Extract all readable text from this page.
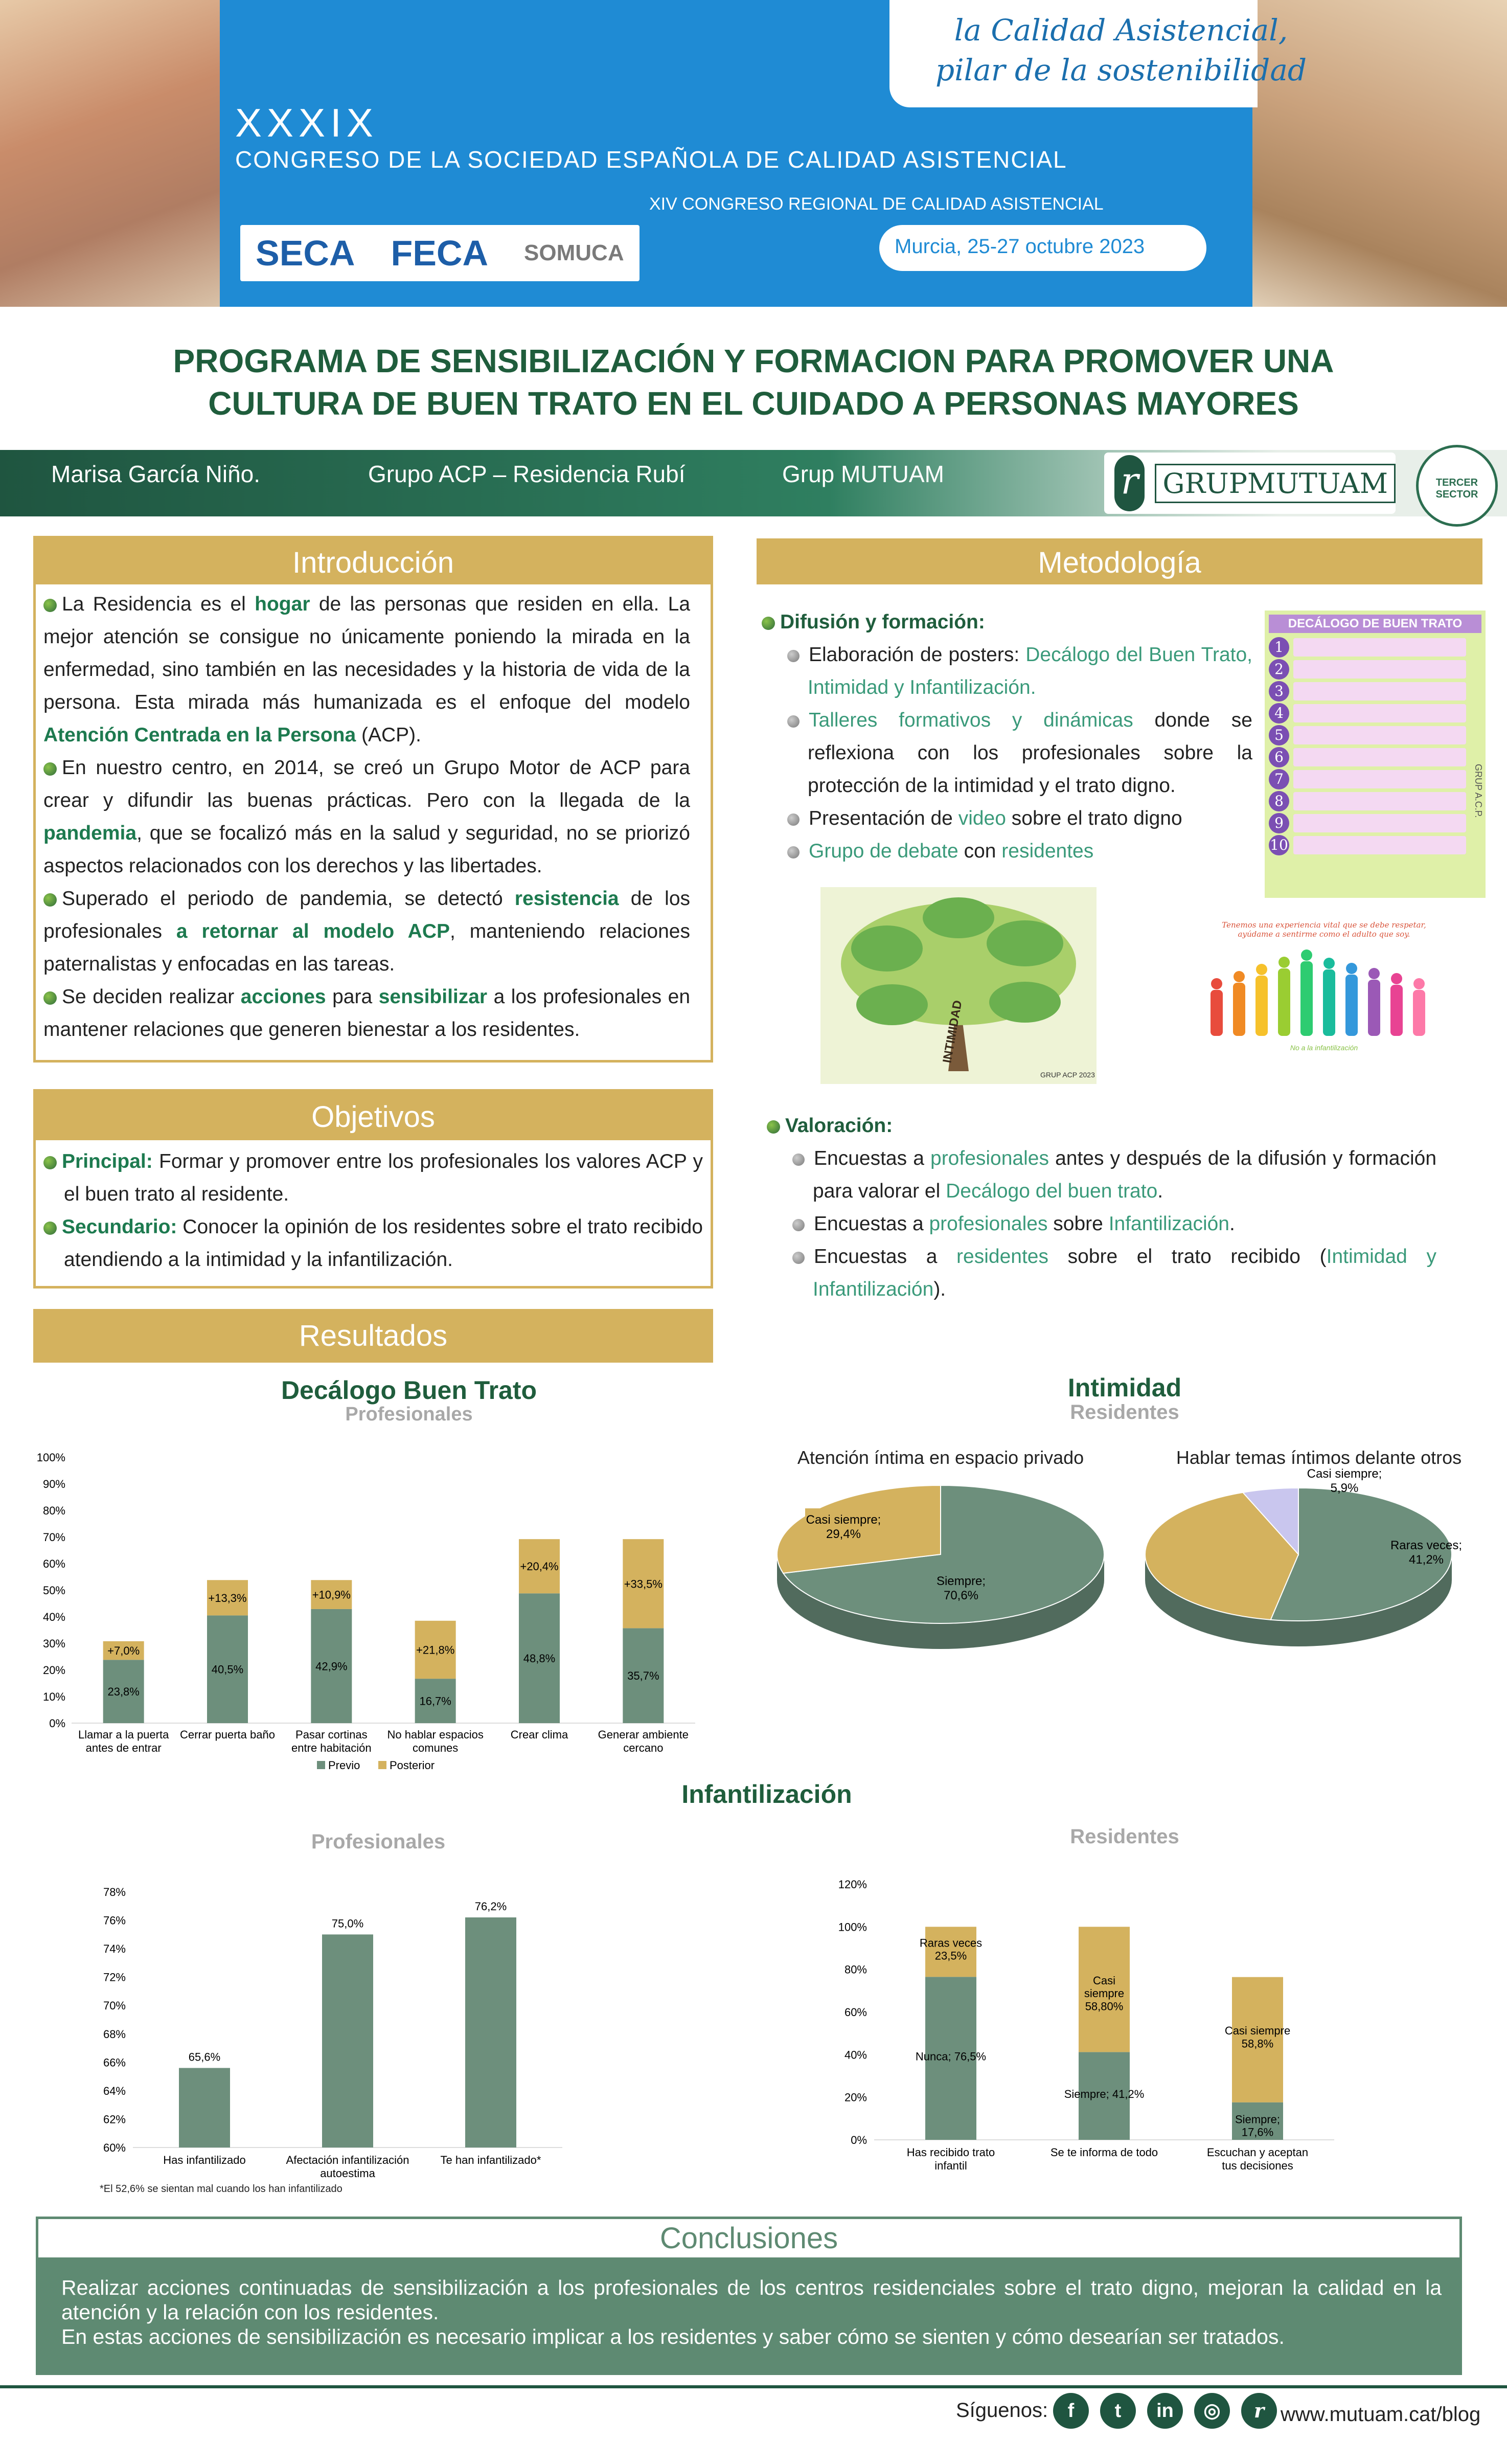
la Calidad Asistencial,
pilar de la sostenibilidad
XXXIX
CONGRESO DE LA SOCIEDAD ESPAÑOLA DE CALIDAD ASISTENCIAL
XIV CONGRESO REGIONAL DE CALIDAD ASISTENCIAL
Murcia, 25-27 octubre 2023
SECA FECA SOMUCA
PROGRAMA DE SENSIBILIZACIÓN Y FORMACION PARA PROMOVER UNA
CULTURA DE BUEN TRATO EN EL CUIDADO A PERSONAS MAYORES
Marisa García Niño.	Grupo ACP – Residencia Rubí	Grup MUTUAM	r GRUPMUTUAM	TERCER SECTOR
Introducción
La Residencia es el hogar de las personas que residen en ella. La mejor atención se consigue no únicamente poniendo la mirada en la enfermedad, sino también en las necesidades y la historia de vida de la persona. Esta mirada más humanizada es el enfoque del modelo Atención Centrada en la Persona (ACP).
En nuestro centro, en 2014, se creó un Grupo Motor de ACP para crear y difundir las buenas prácticas. Pero con la llegada de la pandemia, que se focalizó más en la salud y seguridad, no se priorizó aspectos relacionados con los derechos y las libertades.
Superado el periodo de pandemia, se detectó resistencia de los profesionales a retornar al modelo ACP, manteniendo relaciones paternalistas y enfocadas en las tareas.
Se deciden realizar acciones para sensibilizar a los profesionales en mantener relaciones que generen bienestar a los residentes.
Objetivos
Principal: Formar y promover entre los profesionales los valores ACP y el buen trato al residente.
Secundario: Conocer la opinión de los residentes sobre el trato recibido atendiendo a la intimidad y la infantilización.
Metodología
Difusión y formación:
Elaboración de posters: Decálogo del Buen Trato, Intimidad y Infantilización.
Talleres formativos y dinámicas donde se reflexiona con los profesionales sobre la protección de la intimidad y el trato digno.
Presentación de video sobre el trato digno
Grupo de debate con residentes
DECÁLOGO DE BUEN TRATO
1
2
3
4
5
6
7
8
9
10
GRUP A.C.P.
INTIMIDAD
GRUP ACP 2023
Tenemos una experiencia vital que se debe respetar, ayúdame a sentirme como el adulto que soy.
No a la infantilización
Valoración:
Encuestas a profesionales antes y después de la difusión y formación para valorar el Decálogo del buen trato.
Encuestas a profesionales sobre Infantilización.
Encuestas a residentes sobre el trato recibido (Intimidad y Infantilización).
Resultados
Decálogo Buen Trato
Profesionales
0%
10%
20%
30%
40%
50%
60%
70%
80%
90%
100%
23,8%
+7,0%
Llamar a la puerta
antes de entrar
40,5%
+13,3%
Cerrar puerta baño
42,9%
+10,9%
Pasar cortinas
entre habitación
16,7%
+21,8%
No hablar espacios
comunes
48,8%
+20,4%
Crear clima
35,7%
+33,5%
Generar ambiente
cercano
Previo	Posterior
Intimidad
Residentes
Atención íntima en espacio privado	Hablar temas íntimos delante otros
Siempre;
70,6%
Casi siempre;
29,4%
Raras veces;
41,2%
Casi siempre;
5,9%
Infantilización
Profesionales	Residentes
60%
62%
64%
66%
68%
70%
72%
74%
76%
78%
65,6%
Has infantilizado
75,0%
Afectación infantilización
autoestima
76,2%
Te han infantilizado*
*El 52,6% se sientan mal cuando los han infantilizado
0%
20%
40%
60%
80%
100%
120%
Nunca; 76,5%
Raras veces
23,5%
Has recibido trato
infantil
Siempre; 41,2%
Casi
siempre
58,80%
Se te informa de todo
Siempre;
17,6%
Casi siempre
58,8%
Escuchan y aceptan
tus decisiones
Conclusiones
Realizar acciones continuadas de sensibilización a los profesionales de los centros residenciales sobre el trato digno, mejoran la calidad en la atención y la relación con los residentes.
En estas acciones de sensibilización es necesario implicar a los residentes y saber cómo se sienten y cómo desearían ser tratados.
Síguenos:	f	t	in	◎	r www.mutuam.cat/blog
